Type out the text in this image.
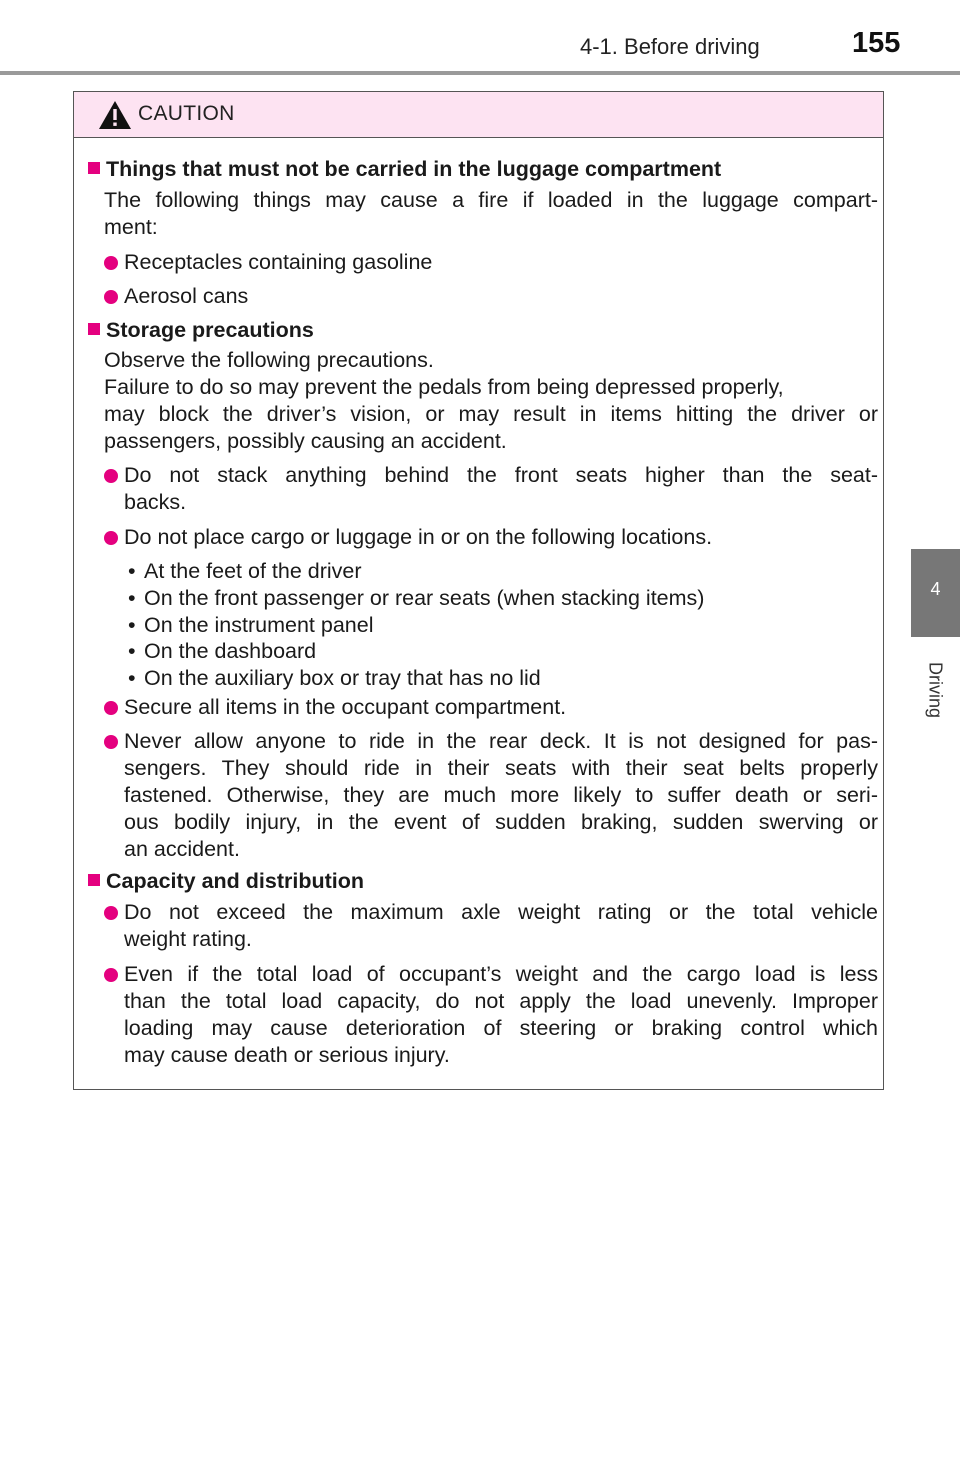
4-1. Before driving	155
4
Driving
CAUTION
Things that must not be carried in the luggage compartment
The following things may cause a fire if loaded in the luggage compart-
ment:
Receptacles containing gasoline
Aerosol cans
Storage precautions
Observe the following precautions.
Failure to do so may prevent the pedals from being depressed properly,
may block the driver’s vision, or may result in items hitting the driver or
passengers, possibly causing an accident.
Do not stack anything behind the front seats higher than the seat-
backs.
Do not place cargo or luggage in or on the following locations.
• At the feet of the driver
• On the front passenger or rear seats (when stacking items)
• On the instrument panel
• On the dashboard
• On the auxiliary box or tray that has no lid
Secure all items in the occupant compartment.
Never allow anyone to ride in the rear deck. It is not designed for pas-
sengers. They should ride in their seats with their seat belts properly
fastened. Otherwise, they are much more likely to suffer death or seri-
ous bodily injury, in the event of sudden braking, sudden swerving or
an accident.
Capacity and distribution
Do not exceed the maximum axle weight rating or the total vehicle
weight rating.
Even if the total load of occupant’s weight and the cargo load is less
than the total load capacity, do not apply the load unevenly. Improper
loading may cause deterioration of steering or braking control which
may cause death or serious injury.
